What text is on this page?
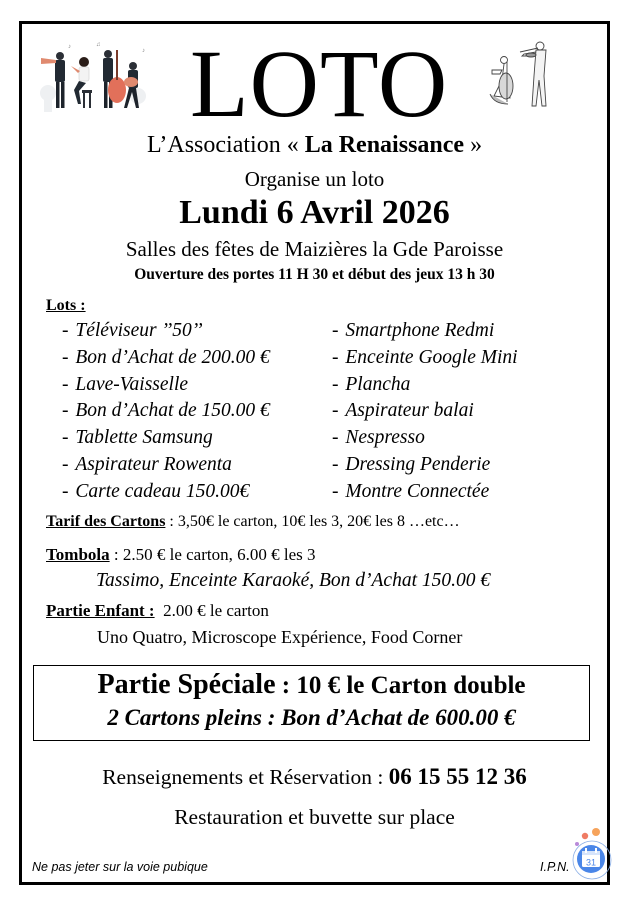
♪	♫
♪ LOTO
L’Association « La Renaissance »
Organise un loto
Lundi 6 Avril 2026
Salles des fêtes de Maizières la Gde Paroisse
Ouverture des portes 11 H 30 et début des jeux 13 h 30
Lots :
- Téléviseur ’’50’’
- Bon d’Achat de 200.00 €
- Lave-Vaisselle
- Bon d’Achat de 150.00 €
- Tablette Samsung
- Aspirateur Rowenta
- Carte cadeau 150.00€
- Smartphone Redmi
- Enceinte Google Mini
- Plancha
- Aspirateur balai
- Nespresso
- Dressing Penderie
- Montre Connectée
Tarif des Cartons : 3,50€ le carton, 10€ les 3, 20€ les 8 …etc…
Tombola : 2.50 € le carton, 6.00 € les 3
Tassimo, Enceinte Karaoké, Bon d’Achat 150.00 €
Partie Enfant :  2.00 € le carton
Uno Quatro, Microscope Expérience, Food Corner
Partie Spéciale : 10 € le Carton double
2 Cartons pleins : Bon d’Achat de 600.00 €
Renseignements et Réservation : 06 15 55 12 36
Restauration et buvette sur place
Ne pas jeter sur la voie pubique	I.P.N. 31
